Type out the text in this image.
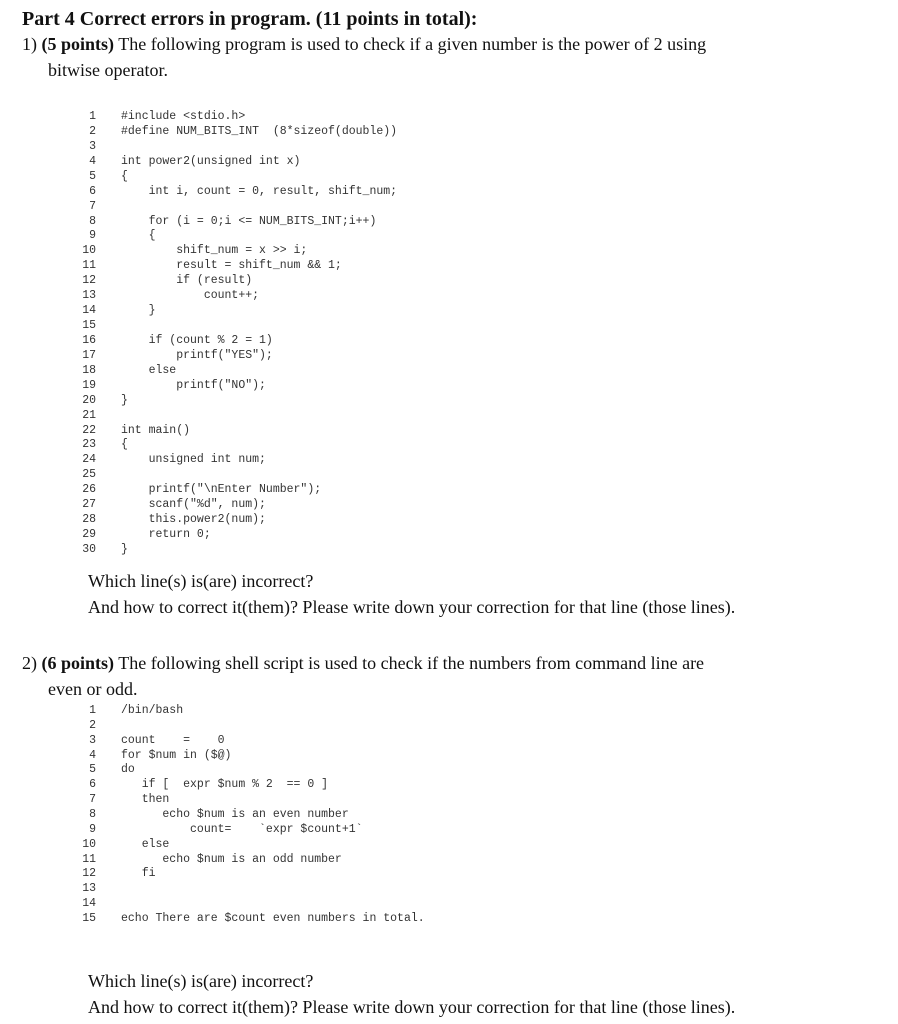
Part 4 Correct errors in program. (11 points in total):
1) (5 points) The following program is used to check if a given number is the power of 2 using
bitwise operator.
1 #include <stdio.h>
2 #define NUM_BITS_INT  (8*sizeof(double))
3
4 int power2(unsigned int x)
5 {
6 int i, count = 0, result, shift_num;
7
8 for (i = 0;i <= NUM_BITS_INT;i++)
9 {
10 shift_num = x >> i;
11 result = shift_num && 1;
12 if (result)
13 count++;
14 }
15
16 if (count % 2 = 1)
17 printf("YES");
18 else
19 printf("NO");
20 }
21
22 int main()
23 {
24 unsigned int num;
25
26 printf("\nEnter Number");
27 scanf("%d", num);
28 this.power2(num);
29 return 0;
30 }
Which line(s) is(are) incorrect?
And how to correct it(them)? Please write down your correction for that line (those lines).
2) (6 points) The following shell script is used to check if the numbers from command line are
even or odd.
1 /bin/bash
2
3 count    =    0
4 for $num in ($@)
5 do
6 if [  expr $num % 2  == 0 ]
7 then
8 echo $num is an even number
9 count=    `expr $count+1`
10 else
11 echo $num is an odd number
12 fi
13
14
15 echo There are $count even numbers in total.
Which line(s) is(are) incorrect?
And how to correct it(them)? Please write down your correction for that line (those lines).
